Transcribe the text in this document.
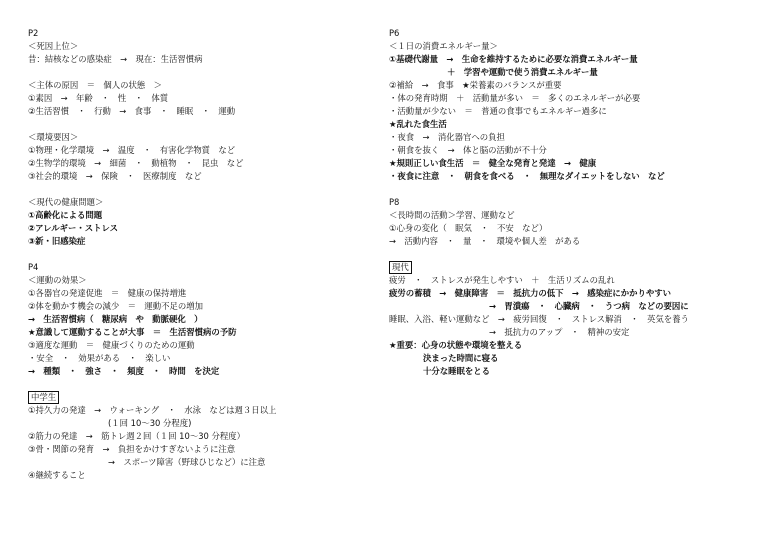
P2
＜死因上位＞
昔：結核などの感染症　→　現在：生活習慣病
＜主体の原因　＝　個人の状態　＞
①素因　→　年齢　・　性　・　体質
②生活習慣　・　行動　→　食事　・　睡眠　・　運動
＜環境要因＞
①物理・化学環境　→　温度　・　有害化学物質　など
②生物学的環境　→　細菌　・　動植物　・　昆虫　など
③社会的環境　→　保険　・　医療制度　など
＜現代の健康問題＞
①高齢化による問題
②アレルギー・ストレス
③新・旧感染症
P4
＜運動の効果＞
①各器官の発達促進　＝　健康の保持増進
②体を動かす機会の減少　＝　運動不足の増加
→　生活習慣病（　糖尿病　や　動脈硬化　）
★意識して運動することが大事　＝　生活習慣病の予防
③適度な運動　＝　健康づくりのための運動
・安全　・　効果がある　・　楽しい
→　種類　・　強さ　・　頻度　・　時間　を決定
中学生
①持久力の発達　→　ウォーキング　・　水泳　などは週３日以上
(１回 10～30 分程度)
②筋力の発達　→　筋トレ週２回（１回 10～30 分程度）
③骨・関節の発育　→　負担をかけすぎないように注意
→　スポーツ障害（野球ひじなど）に注意
④継続すること
P6
＜１日の消費エネルギー量＞
①基礎代謝量　→　生命を維持するために必要な消費エネルギー量
＋　学習や運動で使う消費エネルギー量
②補給　→　食事　★栄養素のバランスが重要
・体の発育時期　＋　活動量が多い　＝　多くのエネルギーが必要
・活動量が少ない　＝　普通の食事でもエネルギー過多に
★乱れた食生活
・夜食　→　消化器官への負担
・朝食を抜く　→　体と脳の活動が不十分
★規則正しい食生活　＝　健全な発育と発達　→　健康
・夜食に注意　・　朝食を食べる　・　無理なダイエットをしない　など
P8
＜長時間の活動＞学習、運動など
①心身の変化（　眠気　・　不安　など）
→　活動内容　・　量　・　環境や個人差　がある
現代
疲労　・　ストレスが発生しやすい　＋　生活リズムの乱れ
疲労の蓄積　→　健康障害　＝　抵抗力の低下　→　感染症にかかりやすい
→　胃潰瘍　・　心臓病　・　うつ病　などの要因に
睡眠、入浴、軽い運動など　→　疲労回復　・　ストレス解消　・　英気を養う
→　抵抗力のアップ　・　精神の安定
★重要：心身の状態や環境を整える
決まった時間に寝る
十分な睡眠をとる
